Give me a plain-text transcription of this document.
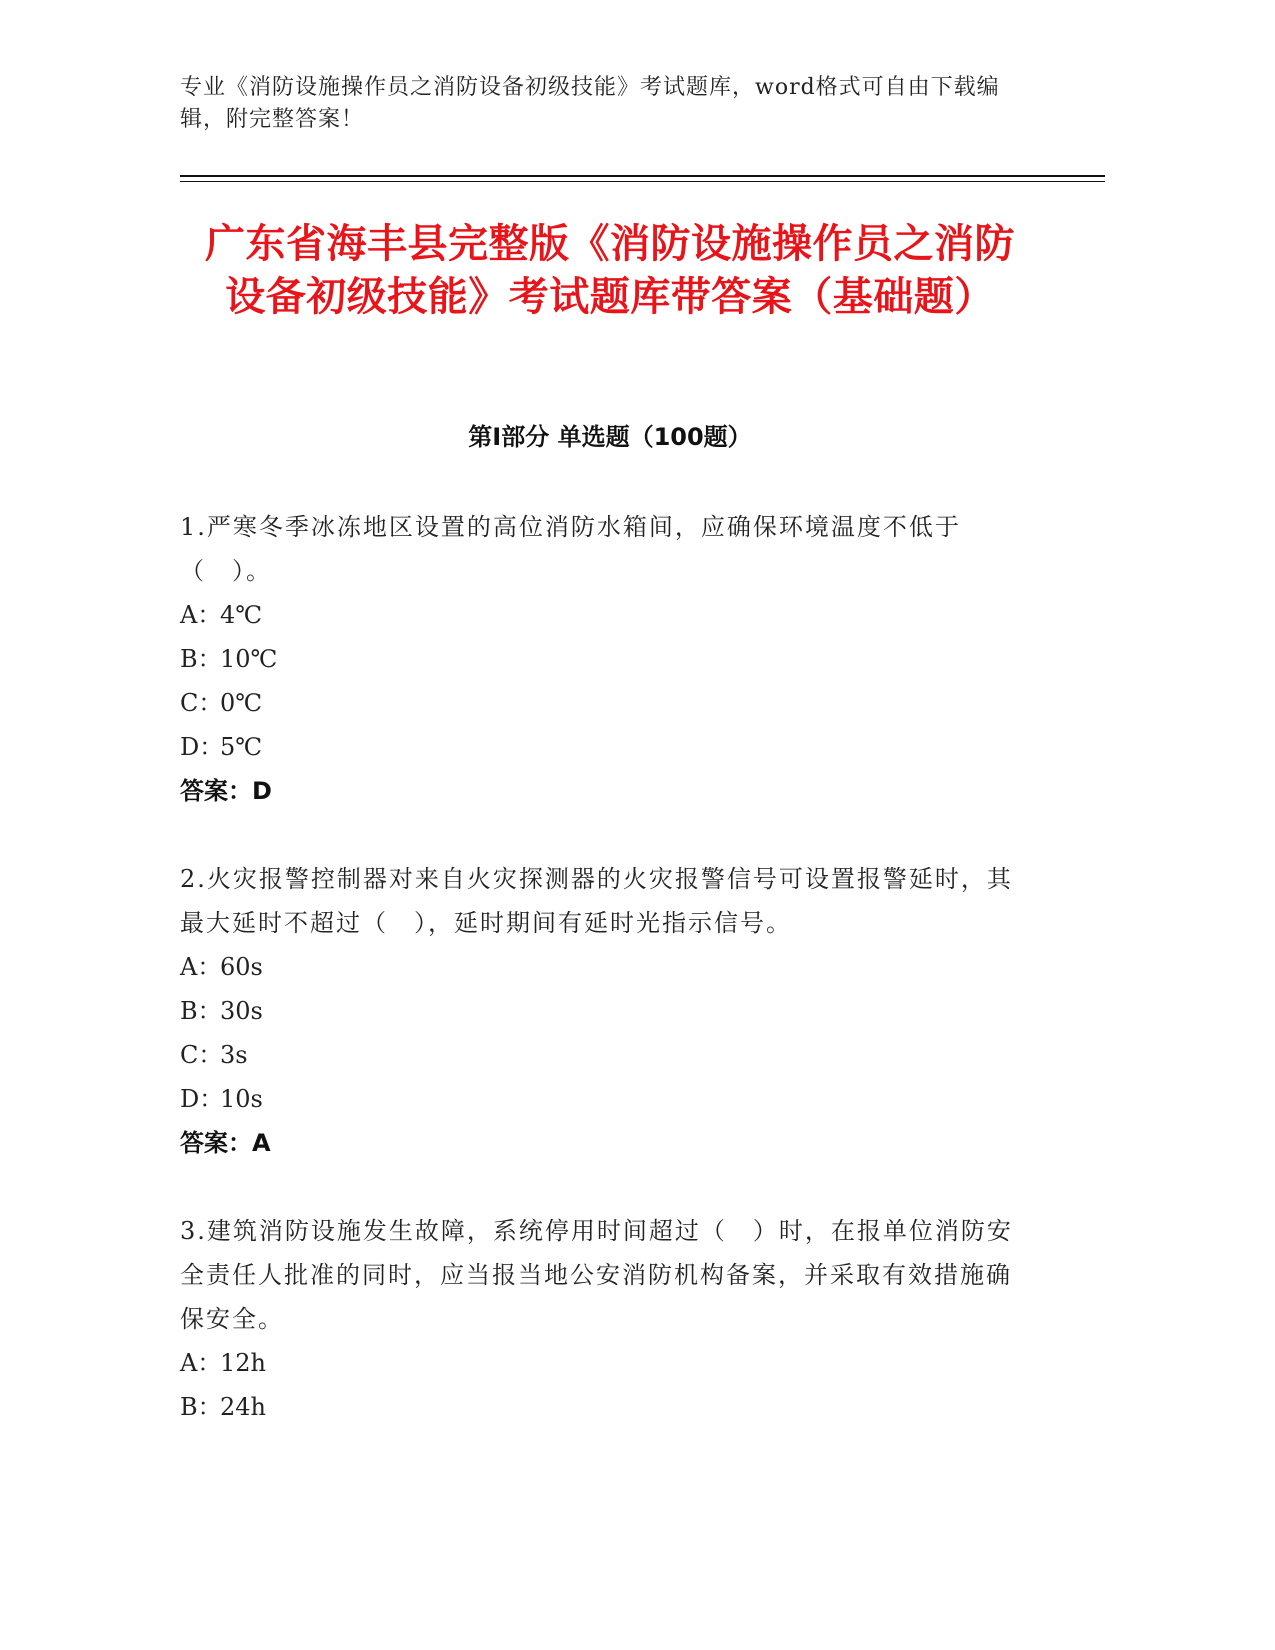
专业《消防设施操作员之消防设备初级技能》考试题库，word格式可自由下载编辑，附完整答案！
广东省海丰县完整版《消防设施操作员之消防设备初级技能》考试题库带答案（基础题）
第Ⅰ部分 单选题（100题）
1.严寒冬季冰冻地区设置的高位消防水箱间，应确保环境温度不低于（　）。
A：4℃
B：10℃
C：0℃
D：5℃
答案：D
2.火灾报警控制器对来自火灾探测器的火灾报警信号可设置报警延时，其最大延时不超过（　），延时期间有延时光指示信号。
A：60s
B：30s
C：3s
D：10s
答案：A
3.建筑消防设施发生故障，系统停用时间超过（　）时，在报单位消防安全责任人批准的同时，应当报当地公安消防机构备案，并采取有效措施确保安全。
A：12h
B：24h
